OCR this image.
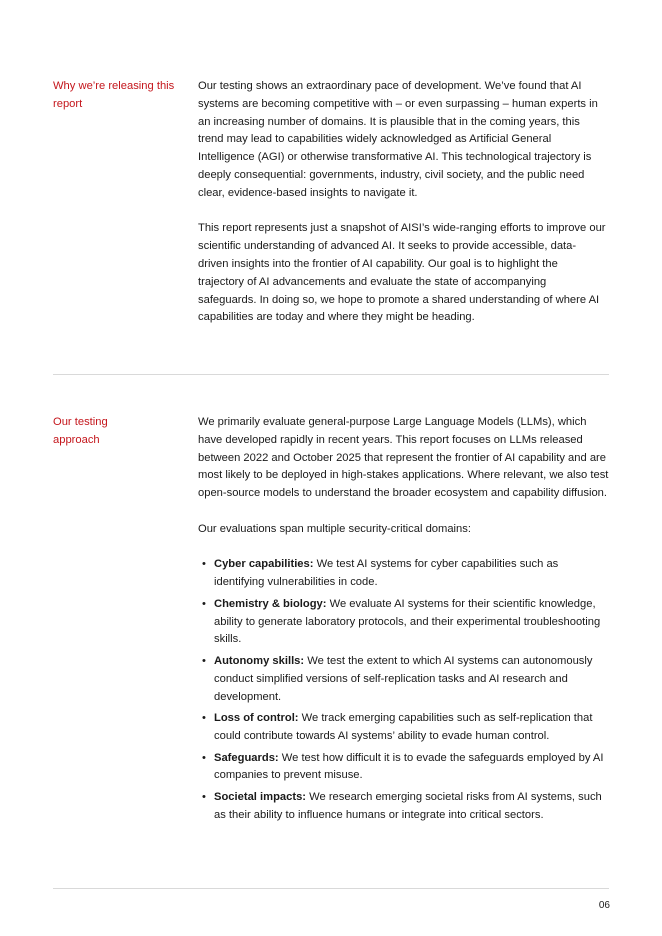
Why we’re releasing this report

Our testing shows an extraordinary pace of development. We’ve found that AI systems are becoming competitive with – or even surpassing – human experts in an increasing number of domains. It is plausible that in the coming years, this trend may lead to capabilities widely acknowledged as Artificial General Intelligence (AGI) or otherwise transformative AI. This technological trajectory is deeply consequential: governments, industry, civil society, and the public need clear, evidence-based insights to navigate it.

This report represents just a snapshot of AISI’s wide-ranging efforts to improve our scientific understanding of advanced AI. It seeks to provide accessible, data-driven insights into the frontier of AI capability. Our goal is to highlight the trajectory of AI advancements and evaluate the state of accompanying safeguards. In doing so, we hope to promote a shared understanding of where AI capabilities are today and where they might be heading.

Our testing approach

We primarily evaluate general-purpose Large Language Models (LLMs), which have developed rapidly in recent years. This report focuses on LLMs released between 2022 and October 2025 that represent the frontier of AI capability and are most likely to be deployed in high-stakes applications. Where relevant, we also test open-source models to understand the broader ecosystem and capability diffusion.

Our evaluations span multiple security-critical domains:

• Cyber capabilities: We test AI systems for cyber capabilities such as identifying vulnerabilities in code.
• Chemistry & biology: We evaluate AI systems for their scientific knowledge, ability to generate laboratory protocols, and their experimental troubleshooting skills.
• Autonomy skills: We test the extent to which AI systems can autonomously conduct simplified versions of self-replication tasks and AI research and development.
• Loss of control: We track emerging capabilities such as self-replication that could contribute towards AI systems’ ability to evade human control.
• Safeguards: We test how difficult it is to evade the safeguards employed by AI companies to prevent misuse.
• Societal impacts: We research emerging societal risks from AI systems, such as their ability to influence humans or integrate into critical sectors.
06
